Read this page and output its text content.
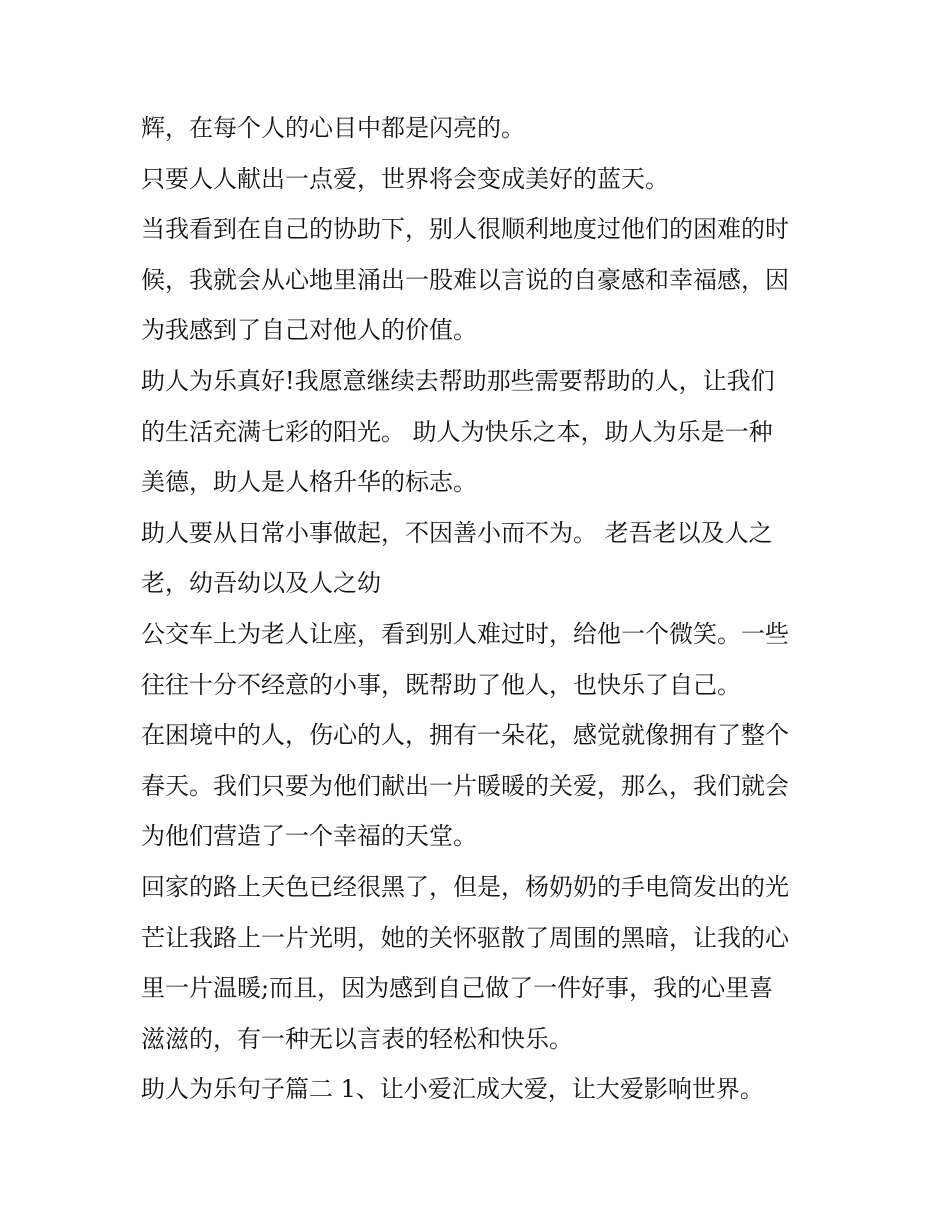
辉，在每个人的心目中都是闪亮的。

只要人人献出一点爱，世界将会变成美好的蓝天。

当我看到在自己的协助下，别人很顺利地度过他们的困难的时
候，我就会从心地里涌出一股难以言说的自豪感和幸福感，因
为我感到了自己对他人的价值。

助人为乐真好!我愿意继续去帮助那些需要帮助的人，让我们
的生活充满七彩的阳光。 助人为快乐之本，助人为乐是一种
美德，助人是人格升华的标志。

助人要从日常小事做起，不因善小而不为。 老吾老以及人之
老，幼吾幼以及人之幼

公交车上为老人让座，看到别人难过时，给他一个微笑。一些
往往十分不经意的小事，既帮助了他人，也快乐了自己。

在困境中的人，伤心的人，拥有一朵花，感觉就像拥有了整个
春天。我们只要为他们献出一片暖暖的关爱，那么，我们就会
为他们营造了一个幸福的天堂。

回家的路上天色已经很黑了，但是，杨奶奶的手电筒发出的光
芒让我路上一片光明，她的关怀驱散了周围的黑暗，让我的心
里一片温暖;而且，因为感到自己做了一件好事，我的心里喜
滋滋的，有一种无以言表的轻松和快乐。

助人为乐句子篇二 1、让小爱汇成大爱，让大爱影响世界。
